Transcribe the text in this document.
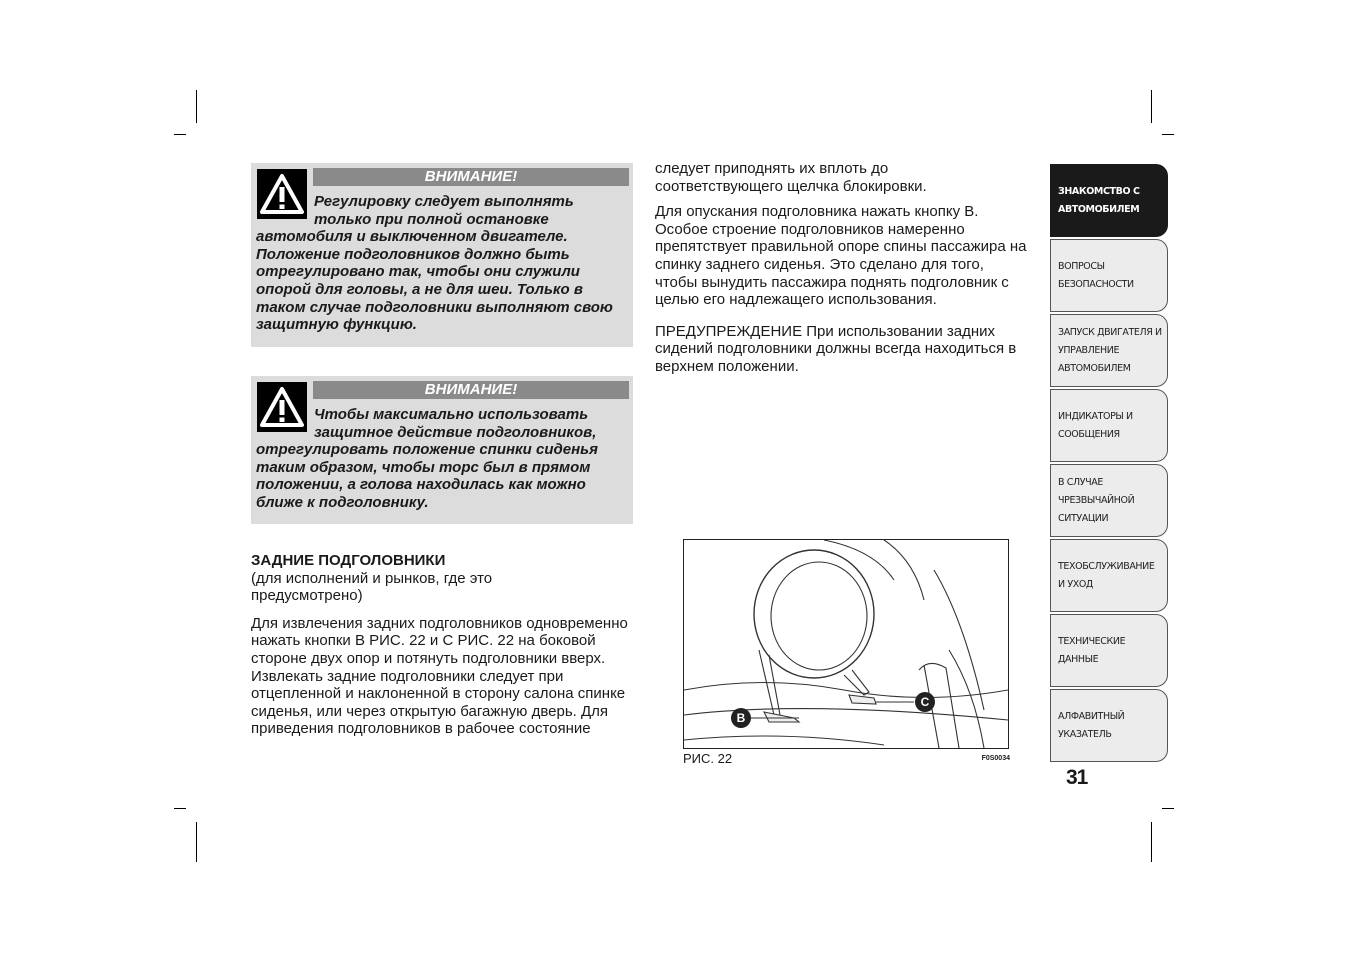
ВНИМАНИЕ!

Регулировку следует выполнять
только при полной остановке
автомобиля и выключенном двигателе. Положение подголовников должно быть отрегулировано так, чтобы они служили опорой для головы, а не для шеи. Только в таком случае подголовники выполняют свою защитную функцию.

ВНИМАНИЕ!

Чтобы максимально использовать
защитное действие подголовников,
отрегулировать положение спинки сиденья таким образом, чтобы торс был в прямом положении, а голова находилась как можно ближе к подголовнику.

ЗАДНИЕ ПОДГОЛОВНИКИ

(для исполнений и рынков, где это предусмотрено)

Для извлечения задних подголовников одновременно нажать кнопки В РИС. 22 и С РИС. 22 на боковой стороне двух опор и потянуть подголовники вверх. Извлекать задние подголовники следует при отцепленной и наклоненной в сторону салона спинке сиденья, или через открытую багажную дверь. Для приведения подголовников в рабочее состояние

следует приподнять их вплоть до соответствующего щелчка блокировки.

Для опускания подголовника нажать кнопку B. Особое строение подголовников намеренно препятствует правильной опоре спины пассажира на спинку заднего сиденья. Это сделано для того, чтобы вынудить пассажира поднять подголовник с целью его надлежащего использования.

ПРЕДУПРЕЖДЕНИЕ При использовании задних сидений подголовники должны всегда находиться в верхнем положении.

B
C
РИС. 22	F0S0034
ЗНАКОМСТВО С
АВТОМОБИЛЕМ
ВОПРОСЫ
БЕЗОПАСНОСТИ
ЗАПУСК ДВИГАТЕЛЯ И
УПРАВЛЕНИЕ
АВТОМОБИЛЕМ
ИНДИКАТОРЫ И
СООБЩЕНИЯ
В СЛУЧАЕ
ЧРЕЗВЫЧАЙНОЙ
СИТУАЦИИ
ТЕХОБСЛУЖИВАНИЕ
И УХОД
ТЕХНИЧЕСКИЕ
ДАННЫЕ
АЛФАВИТНЫЙ
УКАЗАТЕЛЬ
31
